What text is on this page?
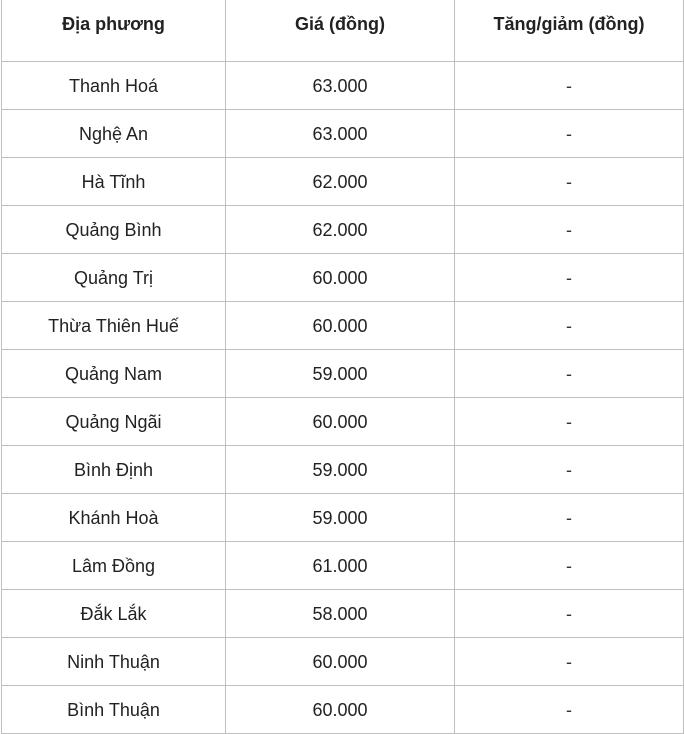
Địa phương	Giá (đồng)	Tăng/giảm (đồng)
Thanh Hoá	63.000	-
Nghệ An	63.000	-
Hà Tĩnh	62.000	-
Quảng Bình	62.000	-
Quảng Trị	60.000	-
Thừa Thiên Huế	60.000	-
Quảng Nam	59.000	-
Quảng Ngãi	60.000	-
Bình Định	59.000	-
Khánh Hoà	59.000	-
Lâm Đồng	61.000	-
Đắk Lắk	58.000	-
Ninh Thuận	60.000	-
Bình Thuận	60.000	-
